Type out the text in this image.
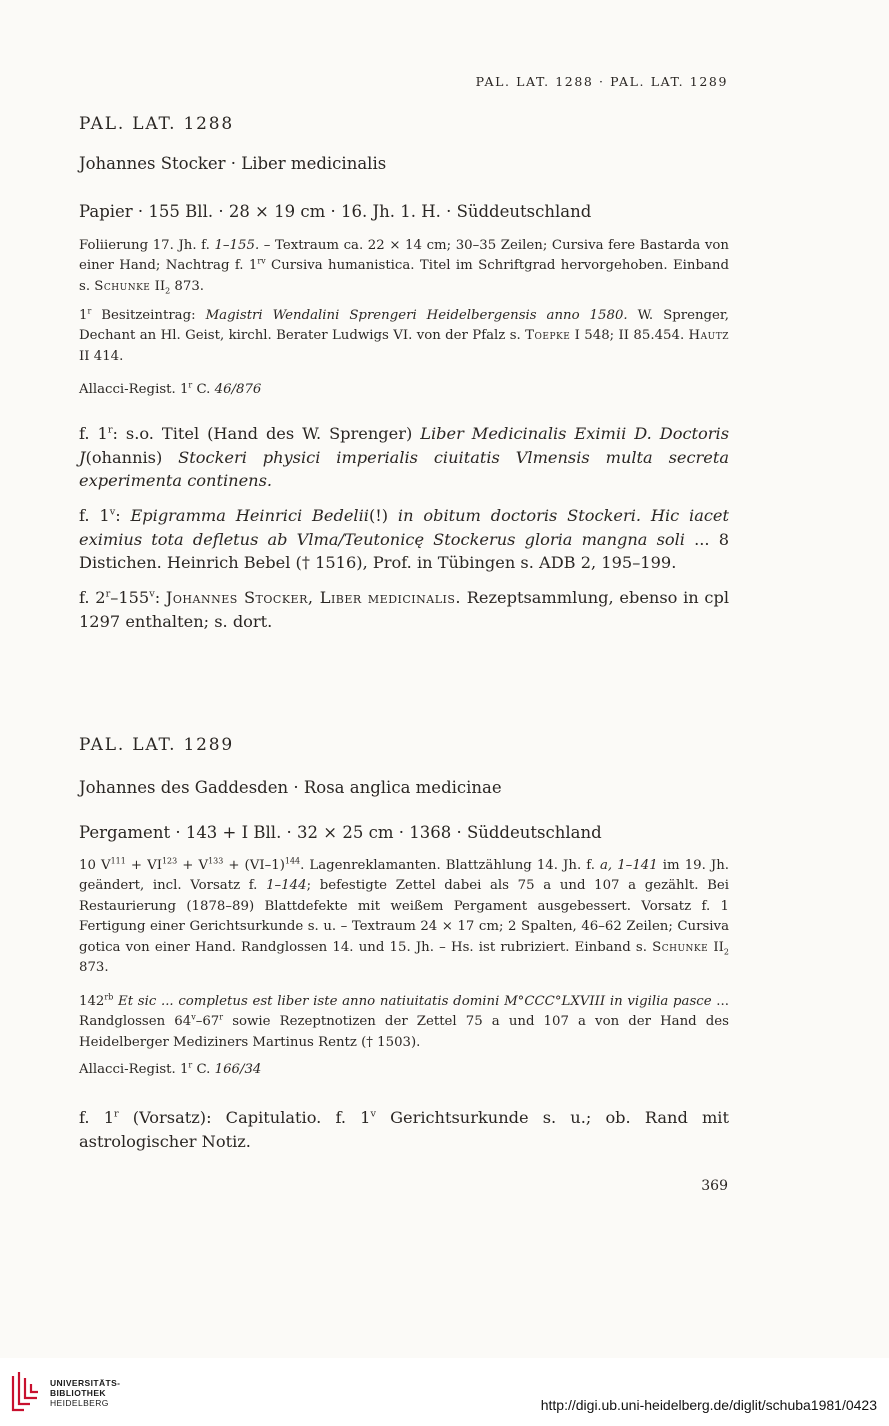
PAL. LAT. 1288 · PAL. LAT. 1289
PAL. LAT. 1288
Johannes Stocker · Liber medicinalis
Papier · 155 Bll. · 28 × 19 cm · 16. Jh. 1. H. · Süddeutschland

Foliierung 17. Jh. f. 1–155. – Textraum ca. 22 × 14 cm; 30–35 Zeilen; Cursiva fere Bastarda von einer Hand; Nachtrag f. $1^{rv}$ Cursiva humanistica. Titel im Schriftgrad hervorgehoben. Einband s. Schunke $II_2$ 873.

1$^r$ Besitzeintrag: Magistri Wendalini Sprengeri Heidelbergensis anno 1580. W. Sprenger, Dechant an Hl. Geist, kirchl. Berater Ludwigs VI. von der Pfalz s. Toepke I 548; II 85.454. Hautz II 414.

Allacci-Regist. 1$^r$ C. 46/876

f. 1$^r$: s.o. Titel (Hand des W. Sprenger) Liber Medicinalis Eximii D. Doctoris J(ohannis) Stockeri physici imperialis ciuitatis Vlmensis multa secreta experimenta continens.

f. 1$^v$: Epigramma Heinrici Bedelii(!) in obitum doctoris Stockeri. Hic iacet eximius tota defletus ab Vlma/Teutonicę Stockerus gloria mangna soli ... 8 Distichen. Heinrich Bebel († 1516), Prof. in Tübingen s. ADB 2, 195–199.

f. 2$^r$–155$^v$: Johannes Stocker, Liber medicinalis. Rezeptsammlung, ebenso in cpl 1297 enthalten; s. dort.

PAL. LAT. 1289
Johannes des Gaddesden · Rosa anglica medicinae
Pergament · 143 + I Bll. · 32 × 25 cm · 1368 · Süddeutschland

10 $V^{111} + VI^{123} + V^{133} + (VI-1)^{144}$. Lagenreklamanten. Blattzählung 14. Jh. f. a, 1–141 im 19. Jh. geändert, incl. Vorsatz f. 1–144; befestigte Zettel dabei als 75 a und 107 a gezählt. Bei Restaurierung (1878–89) Blattdefekte mit weißem Pergament ausgebessert. Vorsatz f. 1 Fertigung einer Gerichtsurkunde s. u. – Textraum 24 × 17 cm; 2 Spalten, 46–62 Zeilen; Cursiva gotica von einer Hand. Randglossen 14. und 15. Jh. – Hs. ist rubriziert. Einband s. Schunke $II_2$ 873.

$142^{rb}$ Et sic ... completus est liber iste anno natiuitatis domini M°CCC°LXVIII in vigilia pasce ... Randglossen 64$^v$–67$^r$ sowie Rezeptnotizen der Zettel 75 a und 107 a von der Hand des Heidelberger Mediziners Martinus Rentz († 1503).

Allacci-Regist. 1$^r$ C. 166/34

f. 1$^r$ (Vorsatz): Capitulatio. f. 1$^v$ Gerichtsurkunde s. u.; ob. Rand mit astrologischer Notiz.

369
UNIVERSITÄTS-
BIBLIOTHEK
HEIDELBERG	http://digi.ub.uni-heidelberg.de/diglit/schuba1981/0423
